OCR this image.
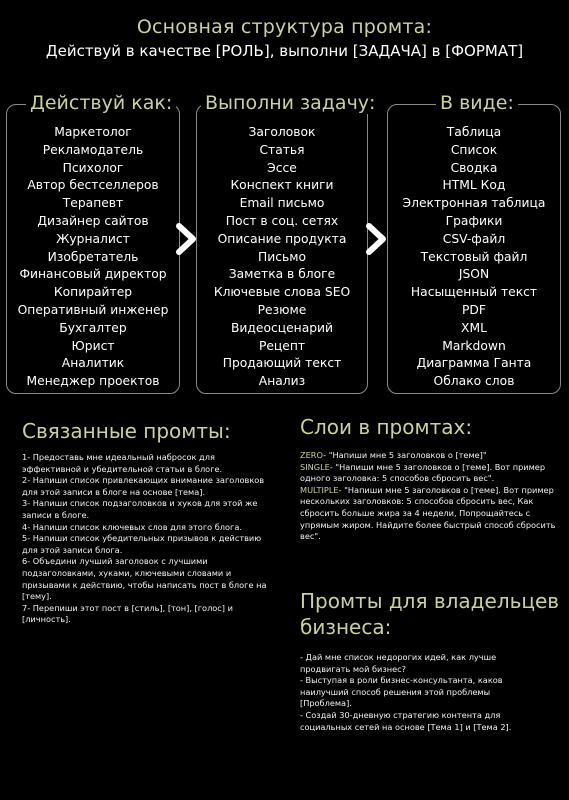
Основная структура промта:
Действуй в качестве [РОЛЬ], выполни [ЗАДАЧА] в [ФОРМАТ]
Действуй как: Выполни задачу:	В виде:
Маркетолог
Рекламодатель
Психолог
Автор бестселлеров
Терапевт
Дизайнер сайтов
Журналист
Изобретатель
Финансовый директор
Копирайтер
Оперативный инженер
Бухгалтер
Юрист
Аналитик
Менеджер проектов
Заголовок
Статья
Эссе
Конспект книги
Email письмо
Пост в соц. сетях
Описание продукта
Письмо
Заметка в блоге
Ключевые слова SEO
Резюме
Видеосценарий
Рецепт
Продающий текст
Анализ
Таблица
Список
Сводка
HTML Код
Электронная таблица
Графики
CSV-файл
Текстовый файл
JSON
Насыщенный текст
PDF
XML
Markdown
Диаграмма Ганта
Облако слов
Связанные промты:
1- Предоставь мне идеальный набросок для эффективной и убедительной статьи в блоге.
2- Напиши список привлекающих внимание заголовков для этой записи в блоге на основе [тема].
3- Напиши список подзаголовков и хуков для этой же записи в блоге.
4- Напиши список ключевых слов для этого блога.
5- Напиши список убедительных призывов к действию для этой записи блога.
6- Объедини лучший заголовок с лучшими подзаголовками, хуками, ключевыми словами и призывами к действию, чтобы написать пост в блоге на [тему].
7- Перепиши этот пост в [стиль], [тон], [голос] и [личность].
Слои в промтах:
ZERO- "Напиши мне 5 заголовков о [теме]"
SINGLE- "Напиши мне 5 заголовков о [теме]. Вот пример одного заголовка: 5 способов сбросить вес".
MULTIPLE- "Напиши мне 5 заголовков о [теме]. Вот пример нескольких заголовков: 5 способов сбросить вес, Как сбросить больше жира за 4 недели, Попрощайтесь с упрямым жиром. Найдите более быстрый способ сбросить вес".
Промты для владельцев бизнеса:
- Дай мне список недорогих идей, как лучше продвигать мой бизнес?
- Выступая в роли бизнес-консультанта, каков наилучший способ решения этой проблемы [Проблема].
- Создай 30-дневную стратегию контента для социальных сетей на основе [Тема 1] и [Тема 2].
